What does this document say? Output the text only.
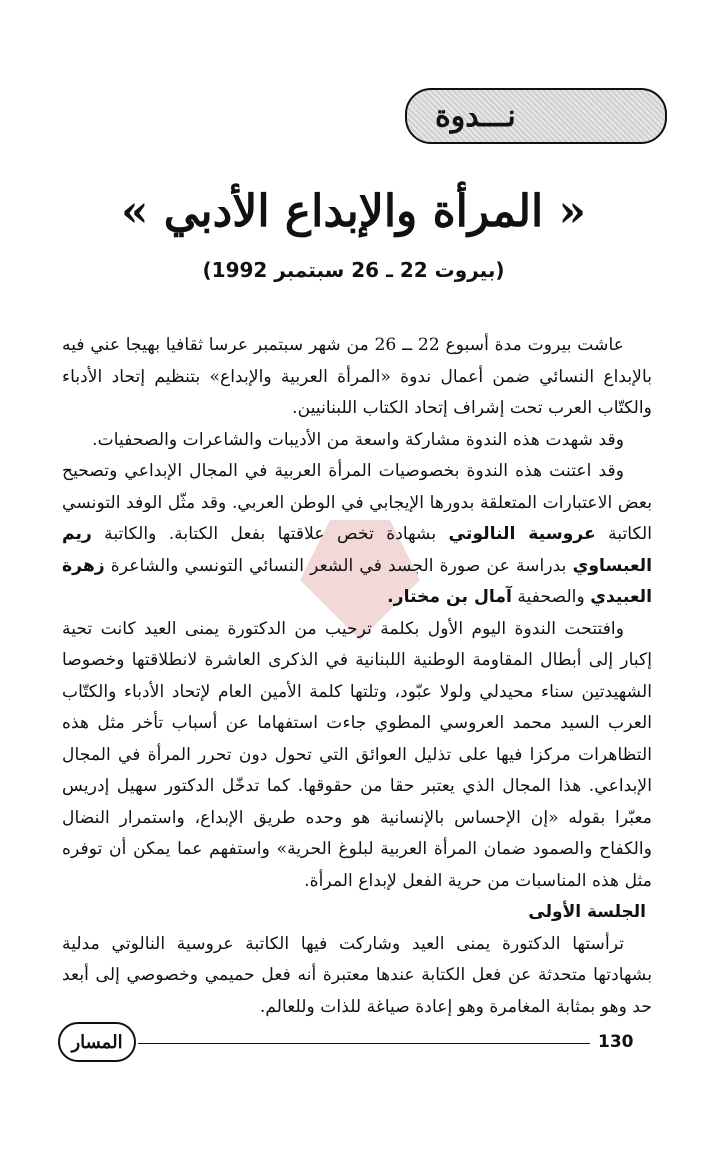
نـــدوة
« المرأة والإبداع الأدبي »
(بيروت 22 ـ 26 سبتمبر 1992)

عاشت بيروت مدة أسبوع 22 ــ 26 من شهر سبتمبر عرسا ثقافيا بهيجا عني فيه بالإبداع النسائي ضمن أعمال ندوة «المرأة العربية والإبداع» بتنظيم إتحاد الأدباء والكتّاب العرب تحت إشراف إتحاد الكتاب اللبنانيين.

وقد شهدت هذه الندوة مشاركة واسعة من الأديبات والشاعرات والصحفيات.

وقد اعتنت هذه الندوة بخصوصيات المرأة العربية في المجال الإبداعي وتصحيح بعض الاعتبارات المتعلقة بدورها الإيجابي في الوطن العربي. وقد مثّل الوفد التونسي الكاتبة عروسية النالوتي بشهادة تخص علاقتها بفعل الكتابة. والكاتبة ريم العبساوي بدراسة عن صورة الجسد في الشعر النسائي التونسي والشاعرة زهرة العبيدي والصحفية آمال بن مختار.

وافتتحت الندوة اليوم الأول بكلمة ترحيب من الدكتورة يمنى العيد كانت تحية إكبار إلى أبطال المقاومة الوطنية اللبنانية في الذكرى العاشرة لانطلاقتها وخصوصا الشهيدتين سناء محيدلي ولولا عبّود، وتلتها كلمة الأمين العام لإتحاد الأدباء والكتّاب العرب السيد محمد العروسي المطوي جاءت استفهاما عن أسباب تأخر مثل هذه التظاهرات مركزا فيها على تذليل العوائق التي تحول دون تحرر المرأة في المجال الإبداعي. هذا المجال الذي يعتبر حقا من حقوقها. كما تدخّل الدكتور سهيل إدريس معبّرا بقوله «إن الإحساس بالإنسانية هو وحده طريق الإبداع، واستمرار النضال والكفاح والصمود ضمان المرأة العربية لبلوغ الحرية» واستفهم عما يمكن أن توفره مثل هذه المناسبات من حرية الفعل لإبداع المرأة.

الجلسة الأولى

ترأستها الدكتورة يمنى العيد وشاركت فيها الكاتبة عروسية النالوتي مدلية بشهادتها متحدثة عن فعل الكتابة عندها معتبرة أنه فعل حميمي وخصوصي إلى أبعد حد وهو بمثابة المغامرة وهو إعادة صياغة للذات وللعالم.

المسار	130
